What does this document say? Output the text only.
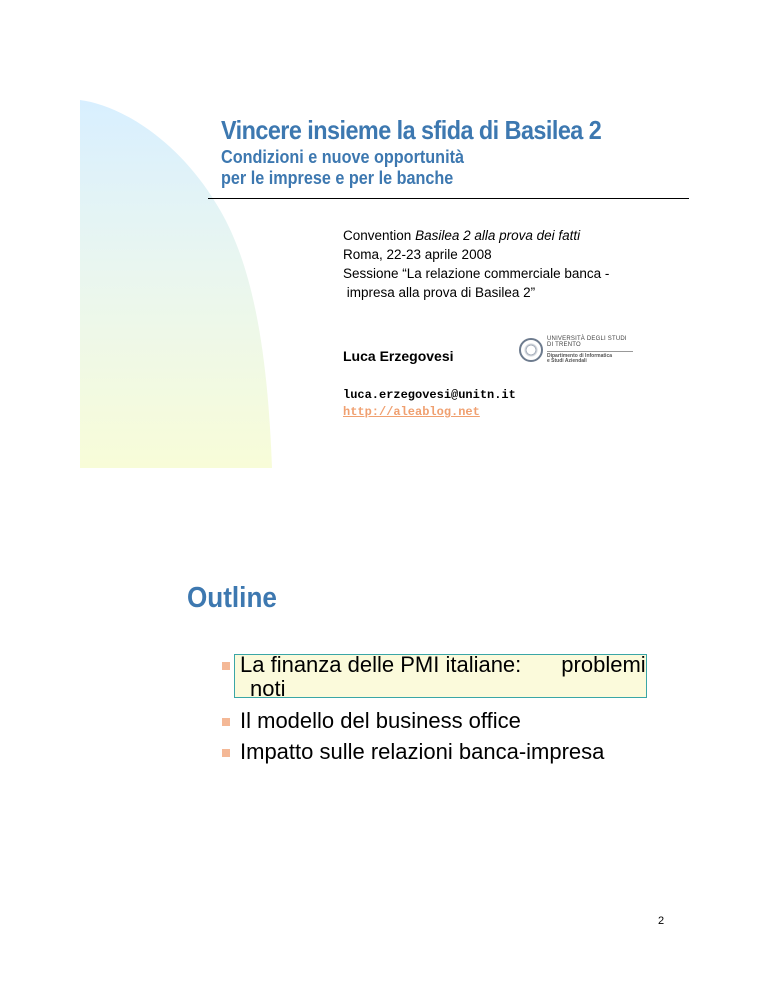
Vincere insieme la sfida di Basilea 2
Condizioni e nuove opportunità
per le imprese e per le banche
Convention Basilea 2 alla prova dei fatti
Roma, 22-23 aprile 2008
Sessione “La relazione commerciale banca -
impresa alla prova di Basilea 2”
Luca Erzegovesi
UNIVERSITÀ DEGLI STUDI
DI TRENTO
Dipartimento di Informatica
e Studi Aziendali
luca.erzegovesi@unitn.it
http://aleablog.net
Outline
La finanza delle PMI italiane: problemi
noti
Il modello del business office
Impatto sulle relazioni banca-impresa
2
